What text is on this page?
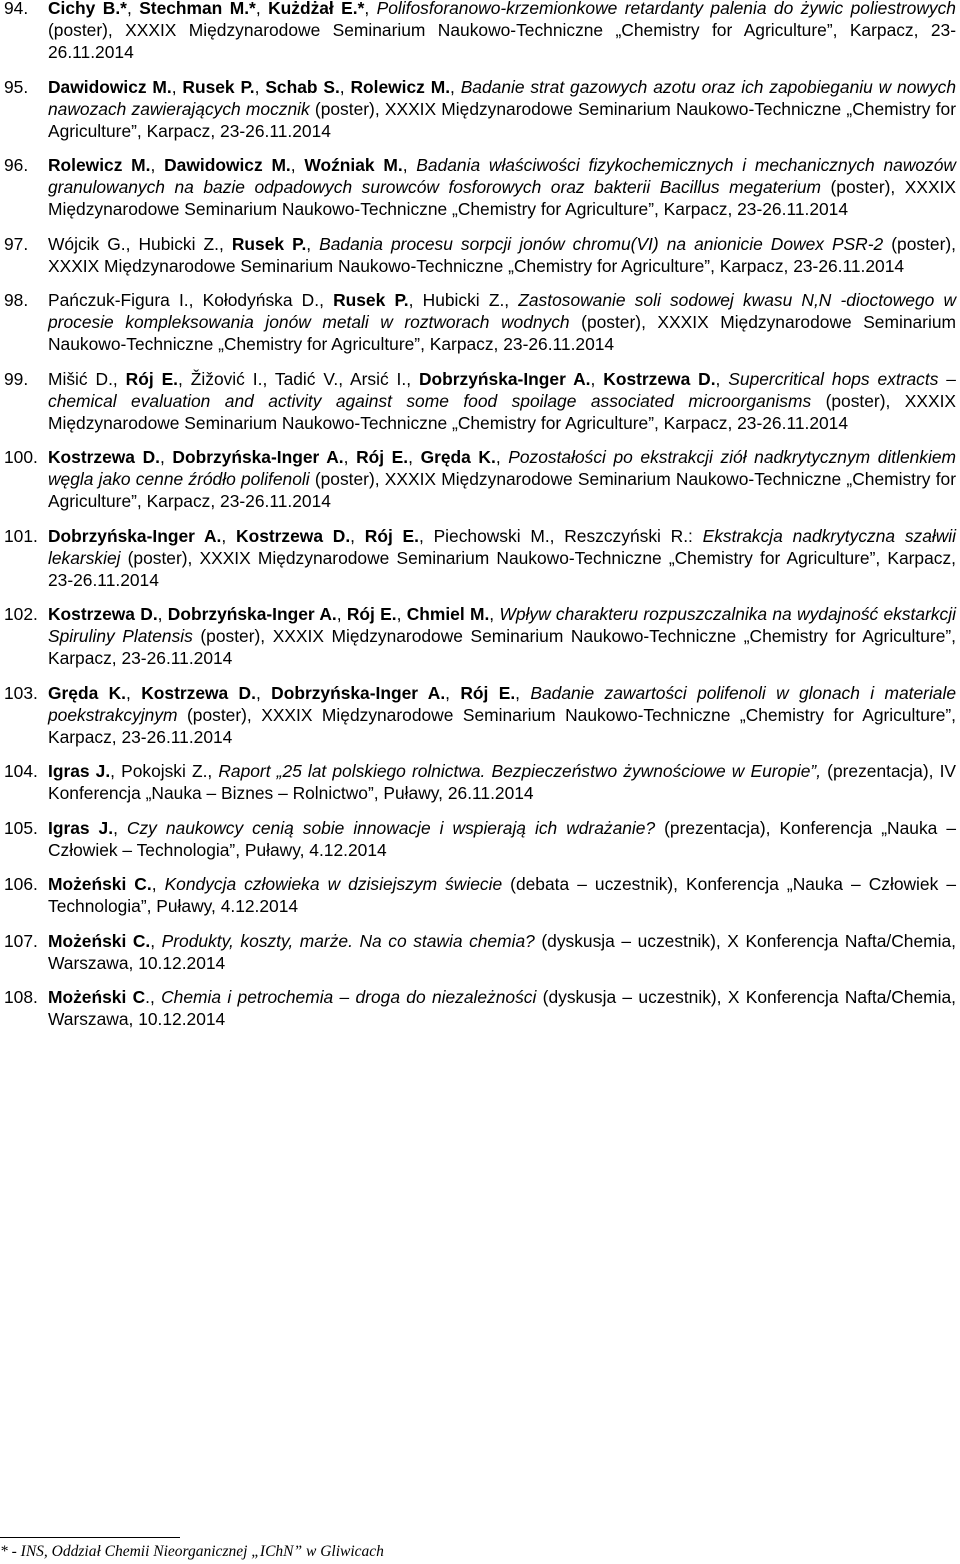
94.	Cichy B.*, Stechman M.*, Kużdżał E.*, Polifosforanowo-krzemionkowe retardanty palenia do żywic poliestrowych (poster), XXXIX Międzynarodowe Seminarium Naukowo-Techniczne „Chemistry for Agriculture”, Karpacz, 23-26.11.2014
95.	Dawidowicz M., Rusek P., Schab S., Rolewicz M., Badanie strat gazowych azotu oraz ich zapobieganiu w nowych nawozach zawierających mocznik (poster), XXXIX Międzynarodowe Seminarium Naukowo-Techniczne „Chemistry for Agriculture”, Karpacz, 23-26.11.2014
96.	Rolewicz M., Dawidowicz M., Woźniak M., Badania właściwości fizykochemicznych i mechanicznych nawozów granulowanych na bazie odpadowych surowców fosforowych oraz bakterii Bacillus megaterium (poster), XXXIX Międzynarodowe Seminarium Naukowo-Techniczne „Chemistry for Agriculture”, Karpacz, 23-26.11.2014
97.	Wójcik G., Hubicki Z., Rusek P., Badania procesu sorpcji jonów chromu(VI) na anionicie Dowex PSR-2 (poster), XXXIX Międzynarodowe Seminarium Naukowo-Techniczne „Chemistry for Agriculture”, Karpacz, 23-26.11.2014
98.	Pańczuk-Figura I., Kołodyńska D., Rusek P., Hubicki Z., Zastosowanie soli sodowej kwasu N,N -dioctowego w procesie kompleksowania jonów metali w roztworach wodnych (poster), XXXIX Międzynarodowe Seminarium Naukowo-Techniczne „Chemistry for Agriculture”, Karpacz, 23-26.11.2014
99.	Mišić D., Rój E., Žižović I., Tadić V., Arsić I., Dobrzyńska-Inger A., Kostrzewa D., Supercritical hops extracts – chemical evaluation and activity against some food spoilage associated microorganisms (poster), XXXIX Międzynarodowe Seminarium Naukowo-Techniczne „Chemistry for Agriculture”, Karpacz, 23-26.11.2014
100. Kostrzewa D., Dobrzyńska-Inger A., Rój E., Gręda K., Pozostałości po ekstrakcji ziół nadkrytycznym ditlenkiem węgla jako cenne źródło polifenoli (poster), XXXIX Międzynarodowe Seminarium Naukowo-Techniczne „Chemistry for Agriculture”, Karpacz, 23-26.11.2014
101. Dobrzyńska-Inger A., Kostrzewa D., Rój E., Piechowski M., Reszczyński R.: Ekstrakcja nadkrytyczna szałwii lekarskiej (poster), XXXIX Międzynarodowe Seminarium Naukowo-Techniczne „Chemistry for Agriculture”, Karpacz, 23-26.11.2014
102. Kostrzewa D., Dobrzyńska-Inger A., Rój E., Chmiel M., Wpływ charakteru rozpuszczalnika na wydajność ekstarkcji Spiruliny Platensis (poster), XXXIX Międzynarodowe Seminarium Naukowo-Techniczne „Chemistry for Agriculture”, Karpacz, 23-26.11.2014
103. Gręda K., Kostrzewa D., Dobrzyńska-Inger A., Rój E., Badanie zawartości polifenoli w glonach i materiale poekstrakcyjnym (poster), XXXIX Międzynarodowe Seminarium Naukowo-Techniczne „Chemistry for Agriculture”, Karpacz, 23-26.11.2014
104. Igras J., Pokojski Z., Raport „25 lat polskiego rolnictwa. Bezpieczeństwo żywnościowe w Europie”, (prezentacja), IV Konferencja „Nauka – Biznes – Rolnictwo”, Puławy, 26.11.2014
105. Igras J., Czy naukowcy cenią sobie innowacje i wspierają ich wdrażanie? (prezentacja), Konferencja „Nauka – Człowiek – Technologia”, Puławy, 4.12.2014
106. Możeński C., Kondycja człowieka w dzisiejszym świecie (debata – uczestnik), Konferencja „Nauka – Człowiek – Technologia”, Puławy, 4.12.2014
107. Możeński C., Produkty, koszty, marże. Na co stawia chemia? (dyskusja – uczestnik), X Konferencja Nafta/Chemia, Warszawa, 10.12.2014
108. Możeński C., Chemia i petrochemia – droga do niezależności (dyskusja – uczestnik), X Konferencja Nafta/Chemia, Warszawa, 10.12.2014
* - INS, Oddział Chemii Nieorganicznej „IChN” w Gliwicach
